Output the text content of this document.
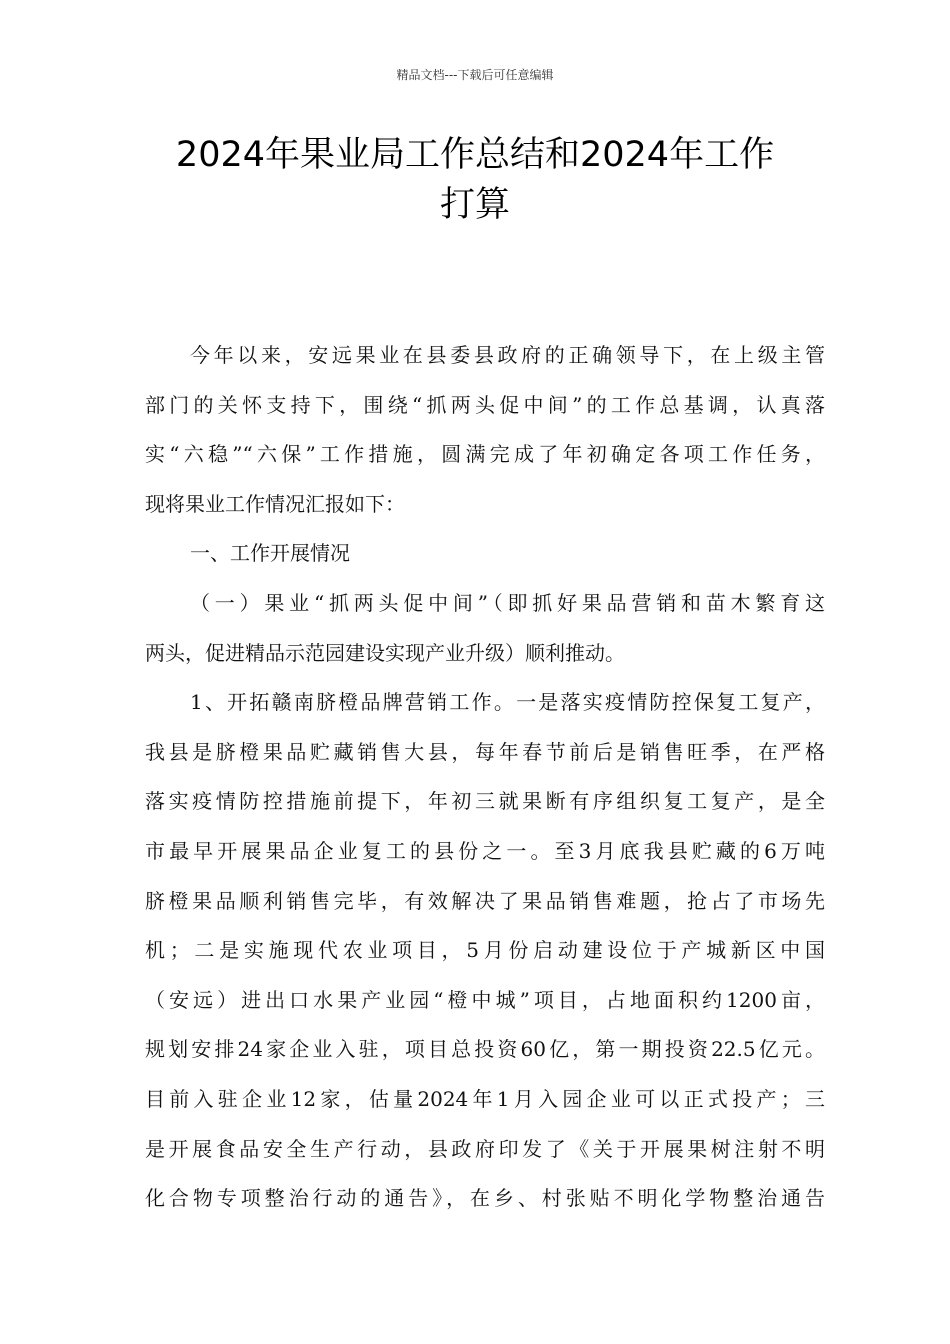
精品文档---下载后可任意编辑
2024年果业局工作总结和2024年工作
打算
今年以来，安远果业在县委县政府的正确领导下，在上级主管
部门的关怀支持下，围绕“抓两头促中间”的工作总基调，认真落
实“六稳”“六保”工作措施，圆满完成了年初确定各项工作任务，
现将果业工作情况汇报如下：
一、工作开展情况
（一）果业“抓两头促中间”（即抓好果品营销和苗木繁育这
两头，促进精品示范园建设实现产业升级）顺利推动。
1、开拓赣南脐橙品牌营销工作。一是落实疫情防控保复工复产，
我县是脐橙果品贮藏销售大县，每年春节前后是销售旺季，在严格
落实疫情防控措施前提下，年初三就果断有序组织复工复产，是全
市最早开展果品企业复工的县份之一。至3月底我县贮藏的6万吨
脐橙果品顺利销售完毕，有效解决了果品销售难题，抢占了市场先
机；二是实施现代农业项目，5月份启动建设位于产城新区中国
（安远）进出口水果产业园“橙中城”项目，占地面积约1200亩，
规划安排24家企业入驻，项目总投资60亿，第一期投资22.5亿元。
目前入驻企业12家，估量2024年1月入园企业可以正式投产；三
是开展食品安全生产行动，县政府印发了《关于开展果树注射不明
化合物专项整治行动的通告》，在乡、村张贴不明化学物整治通告
